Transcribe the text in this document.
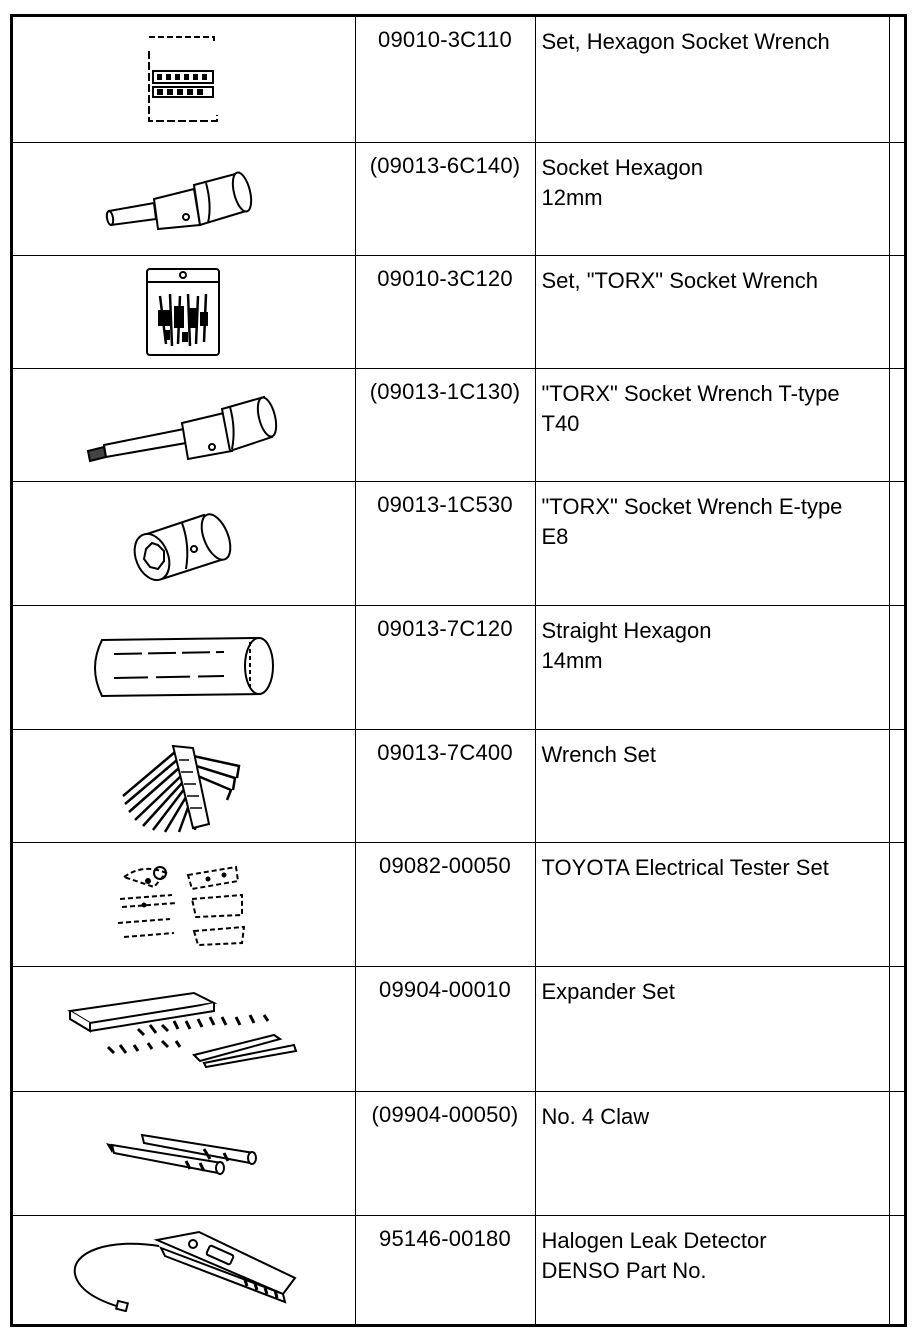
	09010-3C110	Set, Hexagon Socket Wrench	

	(09013-6C140)	Socket Hexagon
12mm	

	09010-3C120	Set, "TORX" Socket Wrench	

	(09013-1C130)	"TORX" Socket Wrench T-type
T40	

	09013-1C530	"TORX" Socket Wrench E-type
E8	

	09013-7C120	Straight Hexagon
14mm	

	09013-7C400	Wrench Set	

	09082-00050	TOYOTA Electrical Tester Set	

	09904-00010	Expander Set	

	(09904-00050)	No. 4 Claw	

	95146-00180	Halogen Leak Detector
DENSO Part No.	
